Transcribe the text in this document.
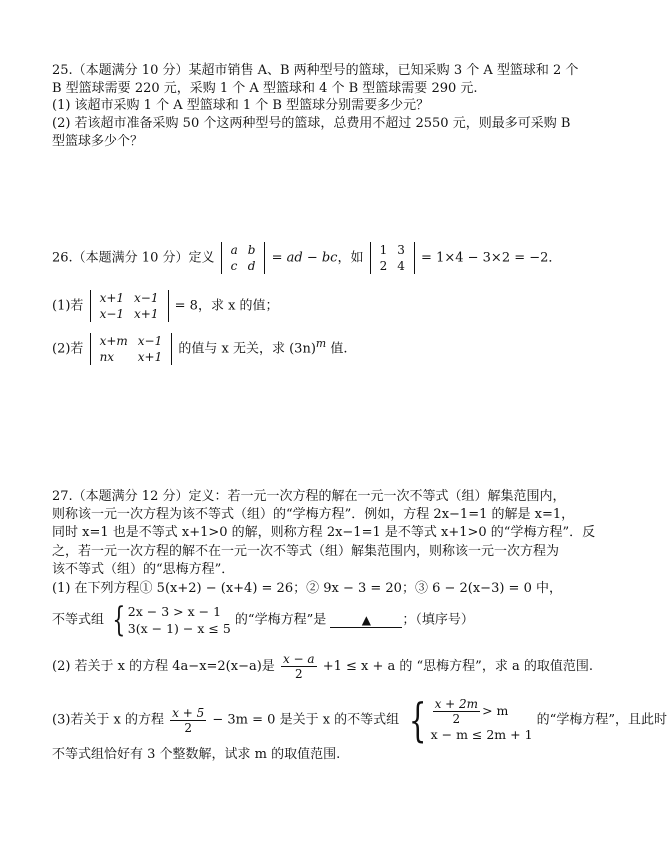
25.（本题满分 10 分）某超市销售 A、B 两种型号的篮球，已知采购 3 个 A 型篮球和 2 个
B 型篮球需要 220 元，采购 1 个 A 型篮球和 4 个 B 型篮球需要 290 元.
(1) 该超市采购 1 个 A 型篮球和 1 个 B 型篮球分别需要多少元？
(2) 若该超市准备采购 50 个这两种型号的篮球，总费用不超过 2550 元，则最多可采购 B
型篮球多少个？
26.（本题满分 10 分）定义
a	b
c	d
= ad − bc，如
1	3
2	4
= 1×4 − 3×2 = −2．
(1)若
x+1	x−1
x−1	x+1
= 8，求 x 的值；
(2)若
x+m	x−1
nx	x+1
的值与 x 无关，求 $(3n)^m$ 值.
27.（本题满分 12 分）定义：若一元一次方程的解在一元一次不等式（组）解集范围内，
则称该一元一次方程为该不等式（组）的“学梅方程”．例如，方程 2x−1=1 的解是 x=1，
同时 x=1 也是不等式 x+1>0 的解，则称方程 2x−1=1 是不等式 x+1>0 的“学梅方程”．反
之，若一元一次方程的解不在一元一次不等式（组）解集范围内，则称该一元一次方程为
该不等式（组）的“思梅方程”．
(1) 在下列方程① 5(x+2) − (x+4) = 26；② 9x − 3 = 20；③ 6 − 2(x−3) = 0 中，
不等式组 { 2x − 3 > x − 1
3(x − 1) − x ≤ 5
的“学梅方程”是	▲ ；（填序号）
(2) 若关于 x 的方程 4a−x=2(x−a)是 $\frac{x - a}{2} +1 \le x + a$ 的 “思梅方程”，求 a 的取值范围.
(3)若关于 x 的方程 $\frac{x + 5}{2} - 3m = 0$ 是关于 x 的不等式组 { $\frac{x + 2m}{2} > m$
x − m ≤ 2m + 1
的“学梅方程”，且此时
不等式组恰好有 3 个整数解，试求 m 的取值范围.
